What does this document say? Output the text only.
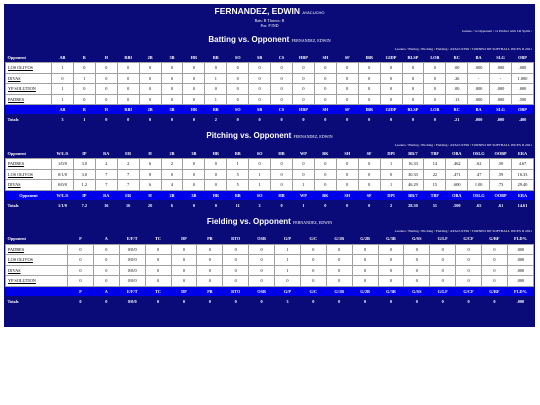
FERNANDEZ, EDWIN AYACUCHO
Bats: R Throws: R
Pos: P IND
Games / vs Opponent / vs Pitcher with LR Splits /
Batting vs. Opponent FERNANDEZ, EDWIN
Leaders / Batting / Pitching / Fielding : AYACUCHO / TORNEO DE SOFTBALL INCES II 2021
Opponent	AB	R	H	RBI	2B	3B	HR	BB	SO	SB	CS	HBP	SH	SF	IBB	GIDP	RLSP	LOB	RC	BA	SLG	OBP
LOS OLIVOS	1	0	0	0	0	0	0	0	0	0	0	0	0	0	0	0	0	0	.00	.000	.000	.000
DIVAS	0	1	0	0	0	0	0	1	0	0	0	0	0	0	0	0	0	0	.26	-	-	1.000
YP SOLUTION	1	0	0	0	0	0	0	0	0	0	0	0	0	0	0	0	0	0	.00	.000	.000	.000
PADRES	1	0	0	0	0	0	0	1	0	0	0	0	0	0	0	0	0	0	.13	.000	.000	.500
	AB	R	H	RBI	2B	3B	HR	BB	SO	SB	CS	HBP	SH	SF	IBB	GIDP	RLSP	LOB	RC	BA	SLG	OBP
Totals	3	1	0	0	0	0	0	2	0	0	0	0	0	0	0	0	0	0	.21	.000	.000	.400
Pitching vs. Opponent FERNANDEZ, EDWIN
Leaders / Batting / Pitching / Fielding : AYACUCHO / TORNEO DE SOFTBALL INCES II 2021
Opponent	W/L/S	IP	RA	ER	H	2B	3B	HR	BB	SO	HB	WP	BK	SH	SF	DPI	BR/7	TBF	OBA	OSLG	OOBP	ERA
PADRES	1/0/0	3.0	2	2	6	2	0	0	1	0	0	0	0	0	0	1	16.33	14	.462	.62	.50	4.67
LOS OLIVOS	0/1/0	3.0	7	7	8	0	0	0	5	1	0	0	0	0	0	0	30.33	22	.471	.47	.59	16.33
DIVAS	0/0/0	1.2	7	7	6	4	0	0	5	1	0	1	0	0	0	1	46.29	15	.600	1.00	.73	29.40
Opponent	W/L/S	IP	RA	ER	H	2B	3B	HR	BB	SO	HB	WP	BK	SH	SF	DPI	BR/7	TBF	OBA	OSLG	OOBP	ERA
Totals	1/1/0	7.2	16	16	20	6	0	0	11	2	0	1	0	0	0	2	28.30	51	.500	.65	.61	14.61
Fielding vs. Opponent FERNANDEZ, EDWIN
Leaders / Batting / Pitching / Fielding : AYACUCHO / TORNEO DE SOFTBALL INCES II 2021
Opponent	P	A	E/F/T	TC	DP	PB	RTO	OSB	G/P	G/C	G/1B	G/2B	G/3B	G/SS	G/LF	G/CF	G/RF	FLD%
PADRES	0	0	0/0/0	0	0	0	0	0	1	0	0	0	0	0	0	0	0	.000
LOS OLIVOS	0	0	0/0/0	0	0	0	0	0	1	0	0	0	0	0	0	0	0	.000
DIVAS	0	0	0/0/0	0	0	0	0	0	1	0	0	0	0	0	0	0	0	.000
YP SOLUTION	0	0	0/0/0	0	0	0	0	0	0	0	0	0	0	0	0	0	0	.000
	P	A	E/F/T	TC	DP	PB	RTO	OSB	G/P	G/C	G/1B	G/2B	G/3B	G/SS	G/LF	G/CF	G/RF	FLD%
Totals	0	0	0/0/0	0	0	0	0	0	3	0	0	0	0	0	0	0	0	.000
